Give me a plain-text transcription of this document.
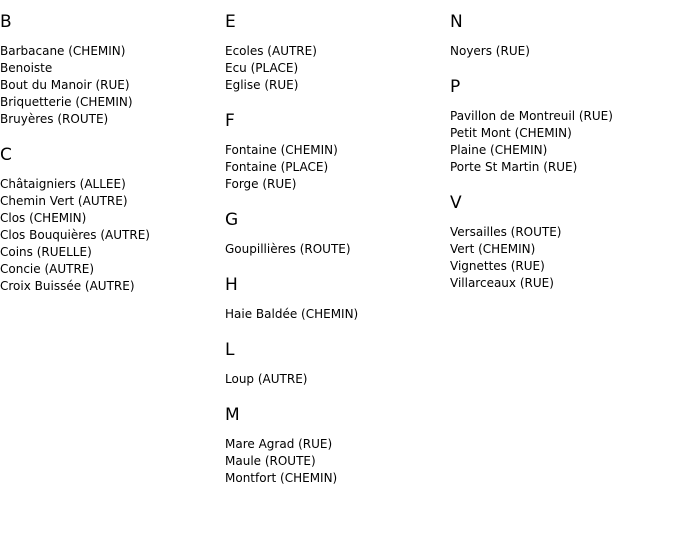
B
Barbacane (CHEMIN)
Benoiste
Bout du Manoir (RUE)
Briquetterie (CHEMIN)
Bruyères (ROUTE)
C
Châtaigniers (ALLEE)
Chemin Vert (AUTRE)
Clos (CHEMIN)
Clos Bouquières (AUTRE)
Coins (RUELLE)
Concie (AUTRE)
Croix Buissée (AUTRE)
E
Ecoles (AUTRE)
Ecu (PLACE)
Eglise (RUE)
F
Fontaine (CHEMIN)
Fontaine (PLACE)
Forge (RUE)
G
Goupillières (ROUTE)
H
Haie Baldée (CHEMIN)
L
Loup (AUTRE)
M
Mare Agrad (RUE)
Maule (ROUTE)
Montfort (CHEMIN)
N
Noyers (RUE)
P
Pavillon de Montreuil (RUE)
Petit Mont (CHEMIN)
Plaine (CHEMIN)
Porte St Martin (RUE)
V
Versailles (ROUTE)
Vert (CHEMIN)
Vignettes (RUE)
Villarceaux (RUE)
